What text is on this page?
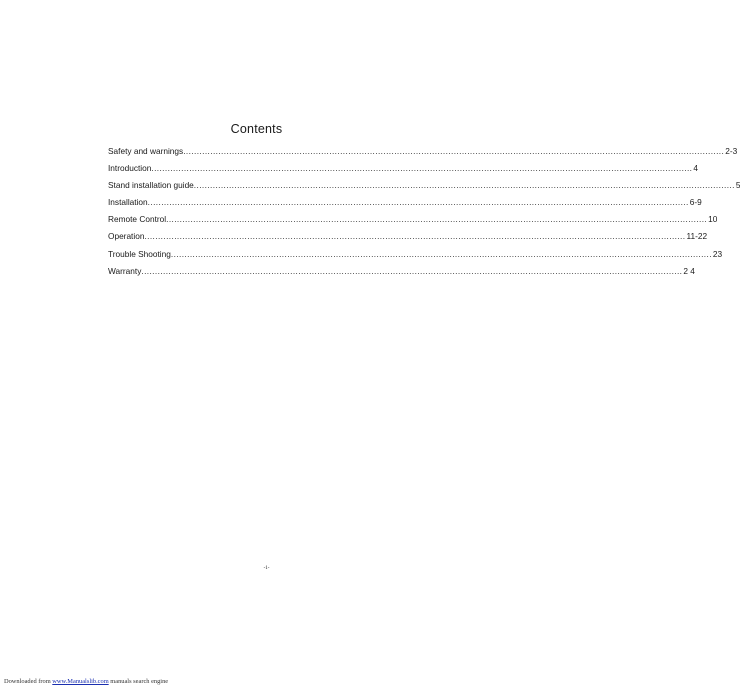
Contents
Safety and warnings ........................................................................................................................................................................................................ 2-3
Introduction ........................................................................................................................................................................................................ 4
Stand installation guide ........................................................................................................................................................................................................ 5
Installation ........................................................................................................................................................................................................ 6-9
Remote Control ........................................................................................................................................................................................................ 10
Operation ........................................................................................................................................................................................................ 11-22
Trouble Shooting ........................................................................................................................................................................................................ 23
Warranty ........................................................................................................................................................................................................ 2 4
-1-
Downloaded from www.Manualslib.com manuals search engine
